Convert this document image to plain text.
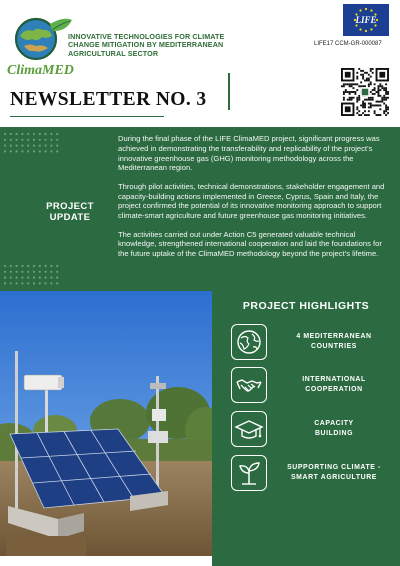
ClimaMED
INNOVATIVE TECHNOLOGIES FOR CLIMATE
CHANGE MITIGATION BY MEDITERRANEAN
AGRICULTURAL SECTOR
LIFE
LIFE17 CCM-GR-000087
NEWSLETTER NO. 3
PROJECT UPDATE

During the final phase of the LIFE ClimaMED project, significant progress was achieved in demonstrating the transferability and replicability of the project’s innovative greenhouse gas (GHG) monitoring methodology across the Mediterranean region.

Through pilot activities, technical demonstrations, stakeholder engagement and capacity-building actions implemented in Greece, Cyprus, Spain and Italy, the project confirmed the potential of its innovative monitoring approach to support climate-smart agriculture and future greenhouse gas monitoring initiatives.

The activities carried out under Action C5 generated valuable technical knowledge, strengthened international cooperation and laid the foundations for the future uptake of the ClimaMED methodology beyond the project’s lifetime.

PROJECT HIGHLIGHTS
4 MEDITERRANEAN
COUNTRIES
INTERNATIONAL
COOPERATION
CAPACITY
BUILDING
SUPPORTING CLIMATE -
SMART AGRICULTURE
